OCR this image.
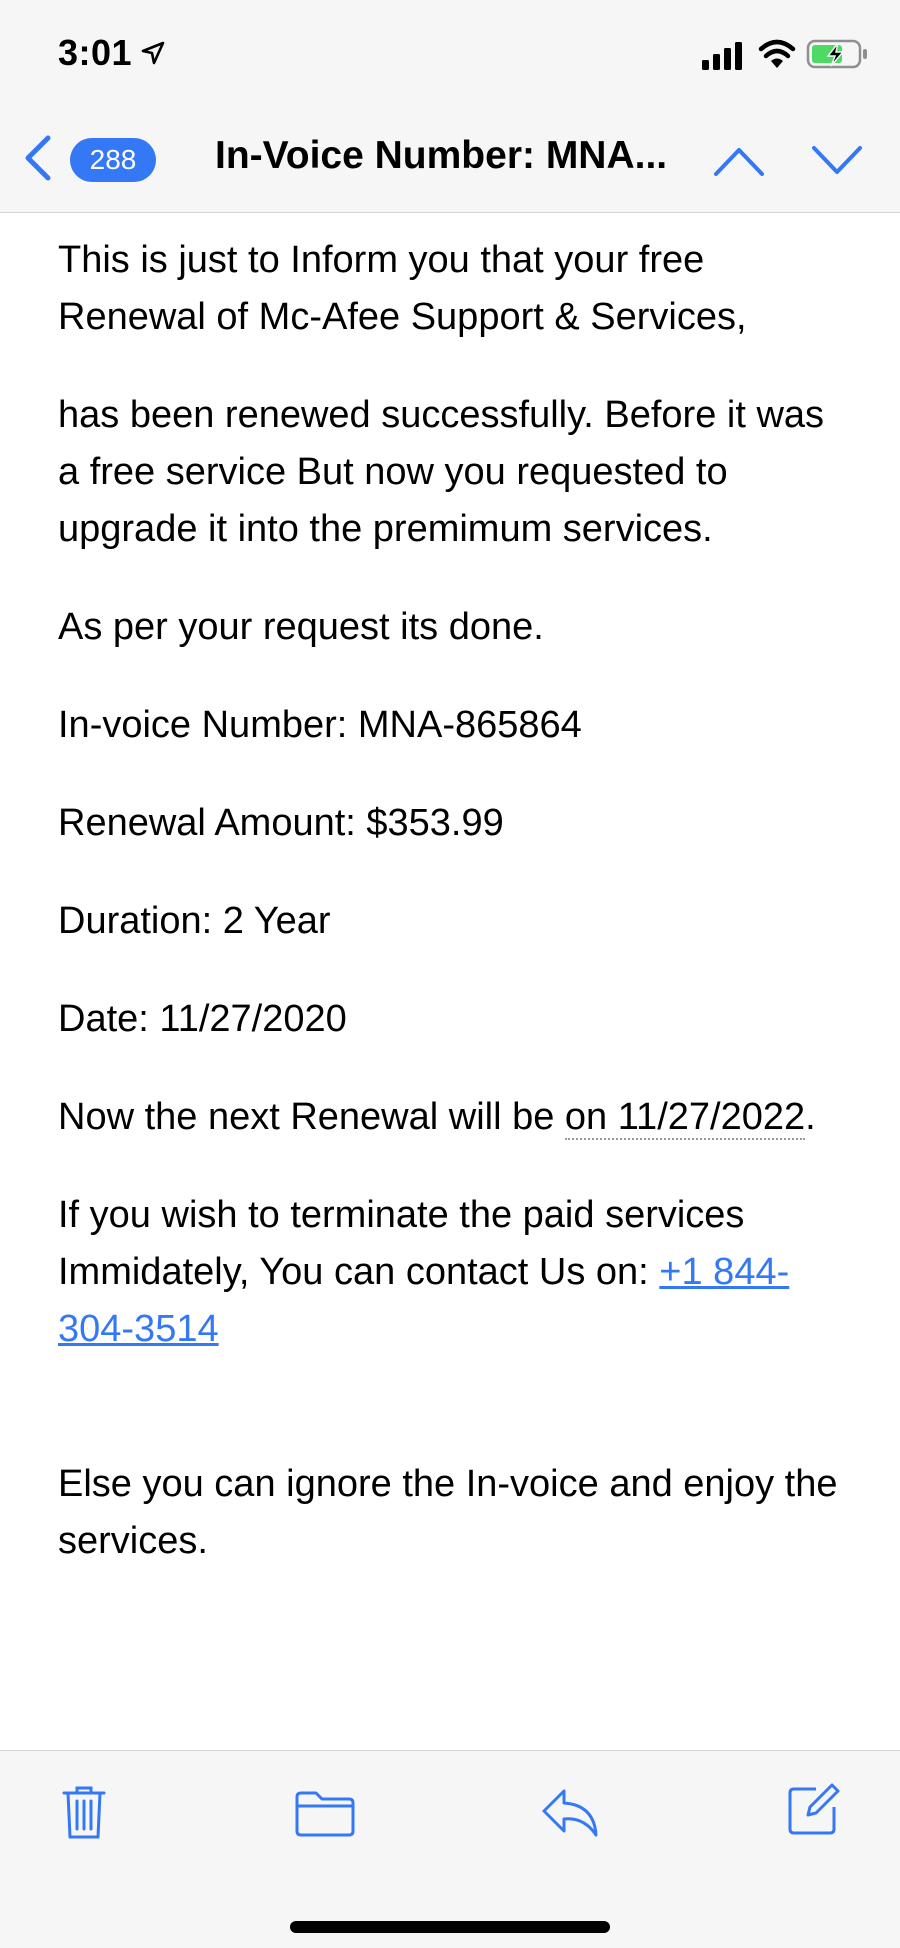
3:01
288	In-Voice Number: MNA...

This is just to Inform you that your free Renewal of Mc-Afee Support & Services,

has been renewed successfully. Before it was a free service But now you requested to upgrade it into the premimum services.

As per your request its done.

In-voice Number: MNA-865864

Renewal Amount: $353.99

Duration: 2 Year

Date: 11/27/2020

Now the next Renewal will be on 11/27/2022.

If you wish to terminate the paid services Immidately, You can contact Us on: +1 844-304-3514

Else you can ignore the In-voice and enjoy the services.
